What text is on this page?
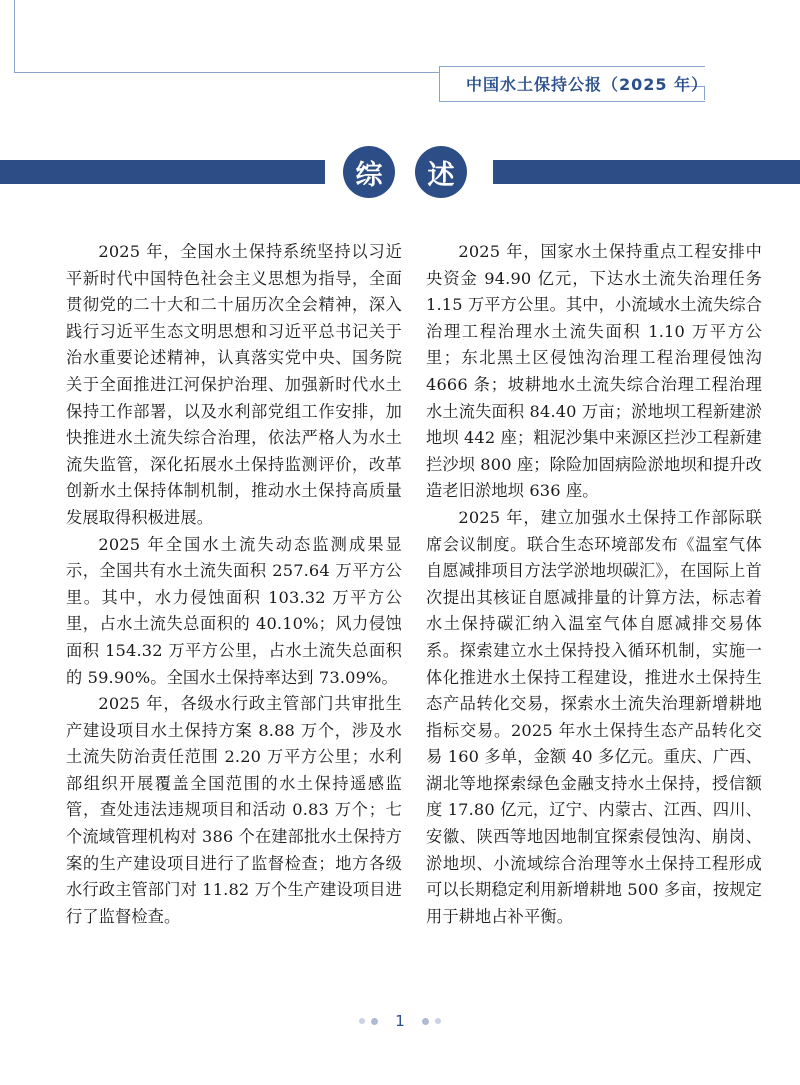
中国水土保持公报（2025 年）
综	述

2025 年，全国水土保持系统坚持以习近平新时代中国特色社会主义思想为指导，全面贯彻党的二十大和二十届历次全会精神，深入践行习近平生态文明思想和习近平总书记关于治水重要论述精神，认真落实党中央、国务院关于全面推进江河保护治理、加强新时代水土保持工作部署，以及水利部党组工作安排，加快推进水土流失综合治理，依法严格人为水土流失监管，深化拓展水土保持监测评价，改革创新水土保持体制机制，推动水土保持高质量发展取得积极进展。

2025 年全国水土流失动态监测成果显示，全国共有水土流失面积 257.64 万平方公里。其中，水力侵蚀面积 103.32 万平方公里，占水土流失总面积的 40.10%；风力侵蚀面积 154.32 万平方公里，占水土流失总面积的 59.90%。全国水土保持率达到 73.09%。

2025 年，各级水行政主管部门共审批生产建设项目水土保持方案 8.88 万个，涉及水土流失防治责任范围 2.20 万平方公里；水利部组织开展覆盖全国范围的水土保持遥感监管，查处违法违规项目和活动 0.83 万个；七个流域管理机构对 386 个在建部批水土保持方案的生产建设项目进行了监督检查；地方各级水行政主管部门对 11.82 万个生产建设项目进行了监督检查。

2025 年，国家水土保持重点工程安排中央资金 94.90 亿元，下达水土流失治理任务 1.15 万平方公里。其中，小流域水土流失综合治理工程治理水土流失面积 1.10 万平方公里；东北黑土区侵蚀沟治理工程治理侵蚀沟 4666 条；坡耕地水土流失综合治理工程治理水土流失面积 84.40 万亩；淤地坝工程新建淤地坝 442 座；粗泥沙集中来源区拦沙工程新建拦沙坝 800 座；除险加固病险淤地坝和提升改造老旧淤地坝 636 座。

2025 年，建立加强水土保持工作部际联席会议制度。联合生态环境部发布《温室气体自愿减排项目方法学淤地坝碳汇》，在国际上首次提出其核证自愿减排量的计算方法，标志着水土保持碳汇纳入温室气体自愿减排交易体系。探索建立水土保持投入循环机制，实施一体化推进水土保持工程建设，推进水土保持生态产品转化交易，探索水土流失治理新增耕地指标交易。2025 年水土保持生态产品转化交易 160 多单，金额 40 多亿元。重庆、广西、湖北等地探索绿色金融支持水土保持，授信额度 17.80 亿元，辽宁、内蒙古、江西、四川、安徽、陕西等地因地制宜探索侵蚀沟、崩岗、淤地坝、小流域综合治理等水土保持工程形成可以长期稳定利用新增耕地 500 多亩，按规定用于耕地占补平衡。

1
